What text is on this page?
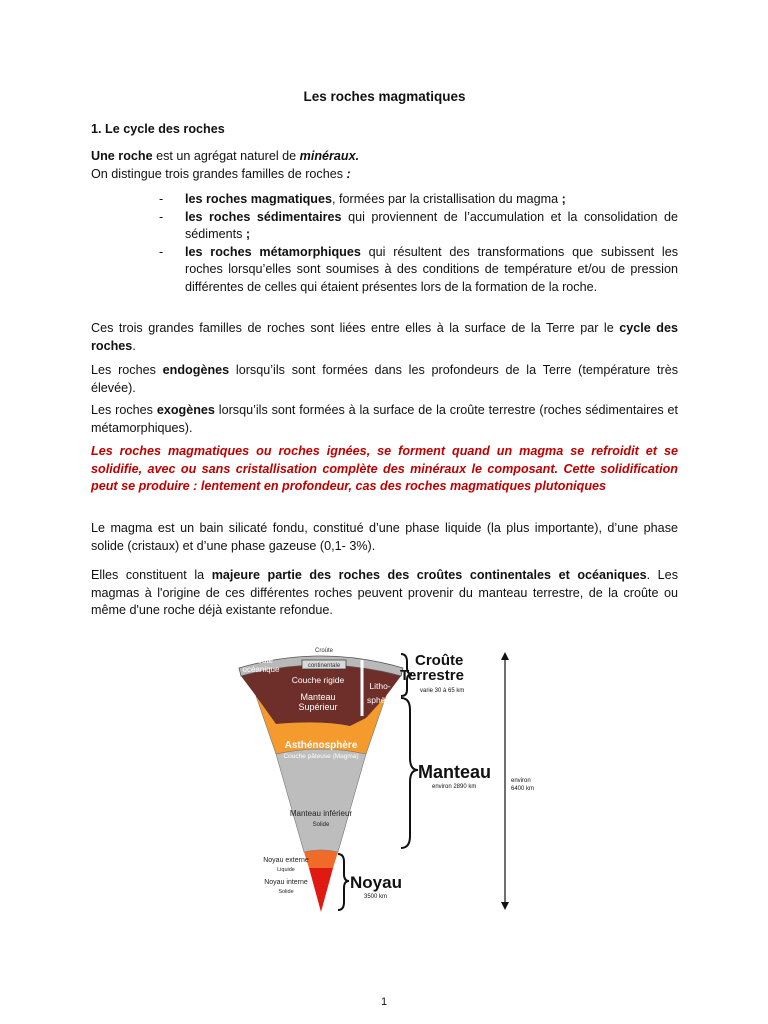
Les roches magmatiques
1. Le cycle des roches
Une roche est un agrégat naturel de minéraux.
On distingue trois grandes familles de roches :
- les roches magmatiques, formées par la cristallisation du magma ;
- les roches sédimentaires qui proviennent de l’accumulation et la consolidation de sédiments ;
- les roches métamorphiques qui résultent des transformations que subissent les roches lorsqu’elles sont soumises à des conditions de température et/ou de pression différentes de celles qui étaient présentes lors de la formation de la roche.
Ces trois grandes familles de roches sont liées entre elles à la surface de la Terre par le cycle des roches.
Les roches endogènes lorsqu’ils sont formées dans les profondeurs de la Terre (température très élevée).
Les roches exogènes lorsqu’ils sont formées à la surface de la croûte terrestre (roches sédimentaires et métamorphiques).
Les roches magmatiques ou roches ignées, se forment quand un magma se refroidit et se solidifie, avec ou sans cristallisation complète des minéraux le composant. Cette solidification peut se produire : lentement en profondeur, cas des roches magmatiques plutoniques
Le magma est un bain silicaté fondu, constitué d’une phase liquide (la plus importante), d’une phase solide (cristaux) et d’une phase gazeuse (0,1- 3%).
Elles constituent la majeure partie des roches des croûtes continentales et océaniques. Les magmas à l'origine de ces différentes roches peuvent provenir du manteau terrestre, de la croûte ou même d'une roche déjà existante refondue.
Croûte
océanique
Croûte
continentale
Couche rigide
Manteau
Supérieur
Litho-
sphère
Asthénosphère
Couche pâteuse (Magma)
Manteau inférieur
Solide
Noyau externe
Liquide
Noyau interne
Solide
Croûte
Terrestre
varie 30 à 65 km
Manteau
environ 2890 km
Noyau
3500 km
environ
6400 km
1
